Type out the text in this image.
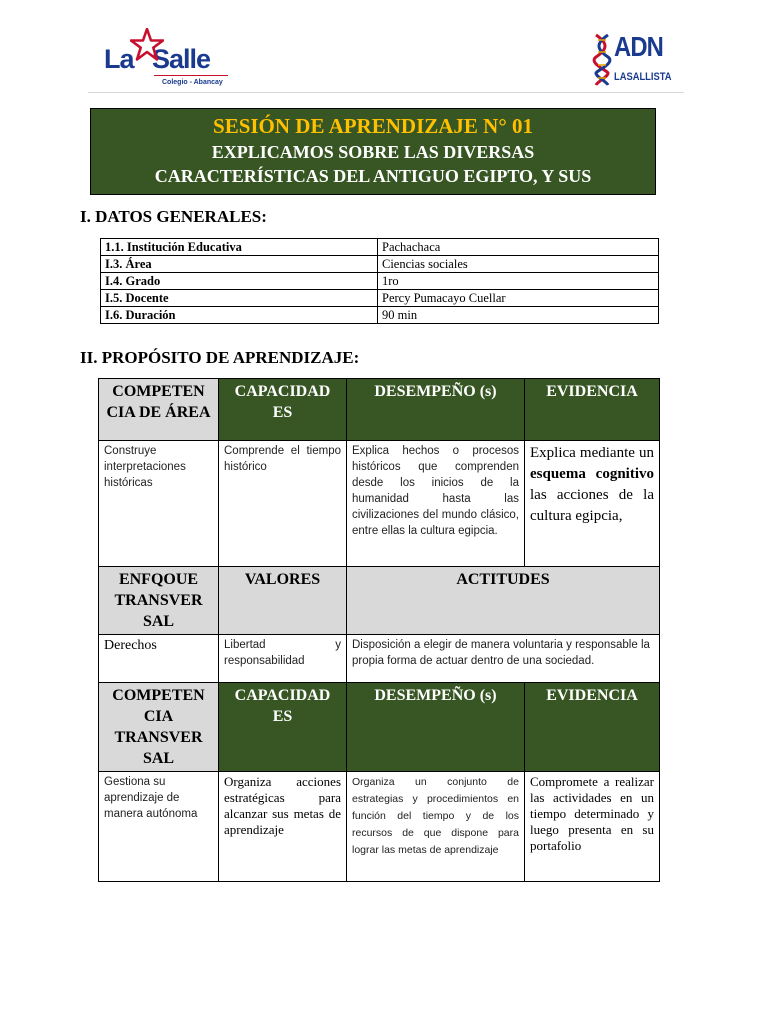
La Salle
Colegio - Abancay
ADN
LASALLISTA
SESIÓN DE APRENDIZAJE N° 01
EXPLICAMOS SOBRE LAS DIVERSAS
CARACTERÍSTICAS DEL ANTIGUO EGIPTO, Y SUS
I. DATOS GENERALES:
1.1. Institución Educativa	Pachachaca
I.3. Área	Ciencias sociales
I.4. Grado	1ro
I.5. Docente	Percy Pumacayo Cuellar
I.6. Duración	90 min
II. PROPÓSITO DE APRENDIZAJE:
COMPETEN CIA DE ÁREA	CAPACIDAD ES	DESEMPEÑO (s)	EVIDENCIA
Construye interpretaciones históricas	Comprende el tiempo histórico	Explica hechos o procesos históricos que comprenden desde los inicios de la humanidad hasta las civilizaciones del mundo clásico, entre ellas la cultura egipcia.	Explica mediante un esquema cognitivo las acciones de la cultura egipcia,
ENFQOUE TRANSVER SAL	VALORES	ACTITUDES	
Derechos	Libertad y responsabilidad	Disposición a elegir de manera voluntaria y responsable la propia forma de actuar dentro de una sociedad.	
COMPETEN CIA TRANSVER SAL	CAPACIDAD ES	DESEMPEÑO (s)	EVIDENCIA
Gestiona su aprendizaje de manera autónoma	Organiza acciones estratégicas para alcanzar sus metas de aprendizaje	Organiza un conjunto de estrategias y procedimientos en función del tiempo y de los recursos de que dispone para lograr las metas de aprendizaje	Compromete a realizar las actividades en un tiempo determinado y luego presenta en su portafolio
